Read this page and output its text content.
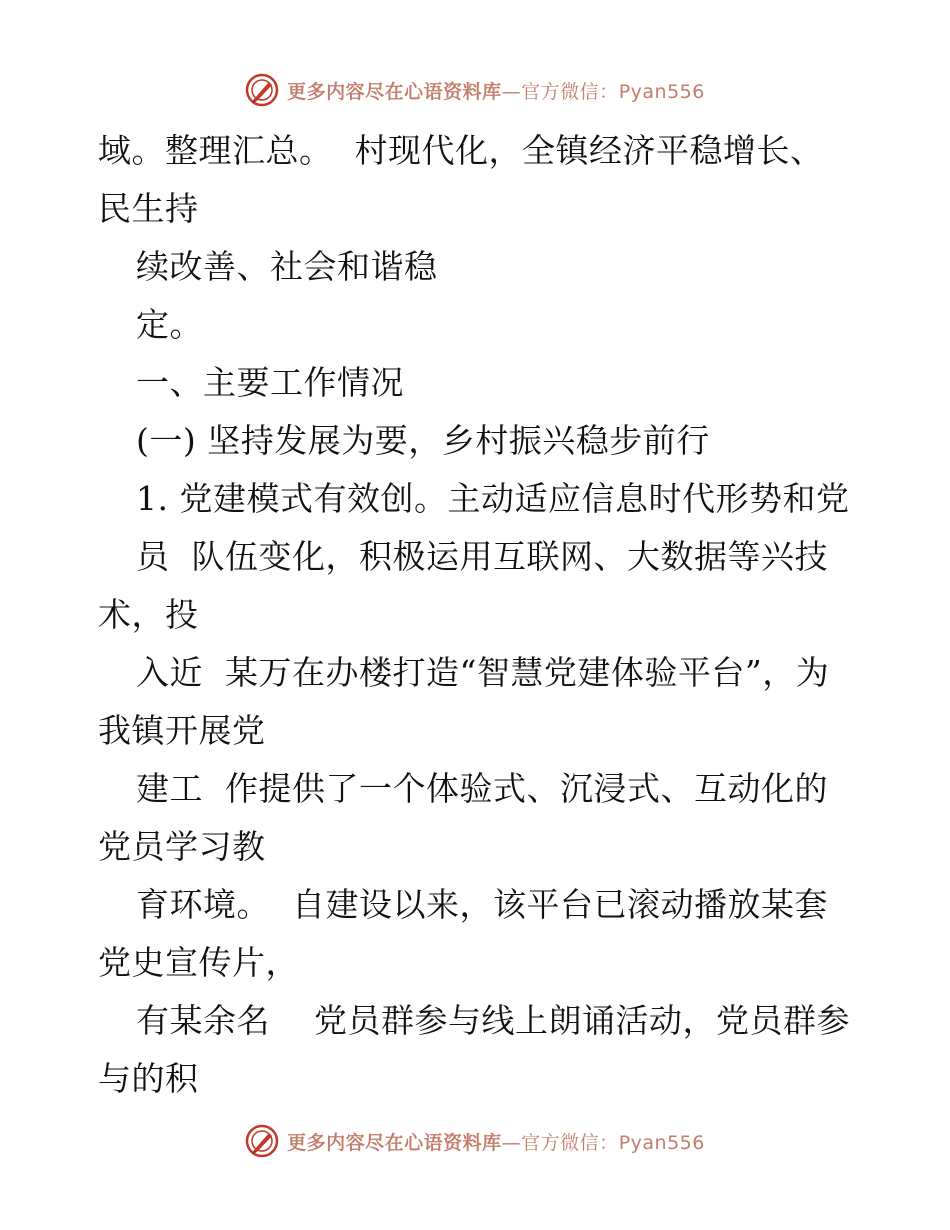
更多内容尽在心语资料库—官方微信：Pyan556
域。整理汇总。  村现代化，全镇经济平稳增长、
民生持
续改善、社会和谐稳
定。
一、主要工作情况
(一) 坚持发展为要，乡村振兴稳步前行
1. 党建模式有效创。主动适应信息时代形势和党
员  队伍变化，积极运用互联网、大数据等兴技
术，投
入近  某万在办楼打造“智慧党建体验平台”，为
我镇开展党
建工  作提供了一个体验式、沉浸式、互动化的
党员学习教
育环境。  自建设以来，该平台已滚动播放某套
党史宣传片，
有某余名    党员群参与线上朗诵活动，党员群参
与的积
更多内容尽在心语资料库—官方微信：Pyan556
